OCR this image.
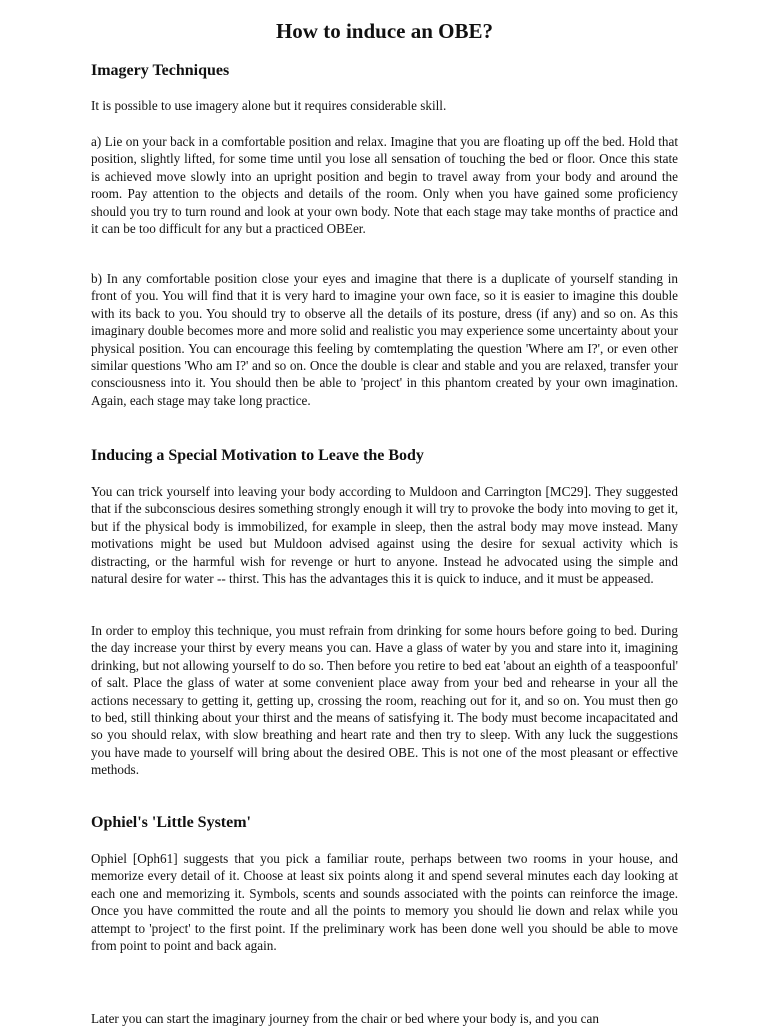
How to induce an OBE?
Imagery Techniques

It is possible to use imagery alone but it requires considerable skill.

a) Lie on your back in a comfortable position and relax. Imagine that you are floating up off the bed. Hold that position, slightly lifted, for some time until you lose all sensation of touching the bed or floor. Once this state is achieved move slowly into an upright position and begin to travel away from your body and around the room. Pay attention to the objects and details of the room. Only when you have gained some proficiency should you try to turn round and look at your own body. Note that each stage may take months of practice and it can be too difficult for any but a practiced OBEer.

b) In any comfortable position close your eyes and imagine that there is a duplicate of yourself standing in front of you. You will find that it is very hard to imagine your own face, so it is easier to imagine this double with its back to you. You should try to observe all the details of its posture, dress (if any) and so on. As this imaginary double becomes more and more solid and realistic you may experience some uncertainty about your physical position. You can encourage this feeling by comtemplating the question 'Where am I?', or even other similar questions 'Who am I?' and so on. Once the double is clear and stable and you are relaxed, transfer your consciousness into it. You should then be able to 'project' in this phantom created by your own imagination. Again, each stage may take long practice.

Inducing a Special Motivation to Leave the Body

You can trick yourself into leaving your body according to Muldoon and Carrington [MC29]. They suggested that if the subconscious desires something strongly enough it will try to provoke the body into moving to get it, but if the physical body is immobilized, for example in sleep, then the astral body may move instead. Many motivations might be used but Muldoon advised against using the desire for sexual activity which is distracting, or the harmful wish for revenge or hurt to anyone. Instead he advocated using the simple and natural desire for water -- thirst. This has the advantages this it is quick to induce, and it must be appeased.

In order to employ this technique, you must refrain from drinking for some hours before going to bed. During the day increase your thirst by every means you can. Have a glass of water by you and stare into it, imagining drinking, but not allowing yourself to do so. Then before you retire to bed eat 'about an eighth of a teaspoonful' of salt. Place the glass of water at some convenient place away from your bed and rehearse in your all the actions necessary to getting it, getting up, crossing the room, reaching out for it, and so on. You must then go to bed, still thinking about your thirst and the means of satisfying it. The body must become incapacitated and so you should relax, with slow breathing and heart rate and then try to sleep. With any luck the suggestions you have made to yourself will bring about the desired OBE. This is not one of the most pleasant or effective methods.

Ophiel's 'Little System'

Ophiel [Oph61] suggests that you pick a familiar route, perhaps between two rooms in your house, and memorize every detail of it. Choose at least six points along it and spend several minutes each day looking at each one and memorizing it. Symbols, scents and sounds associated with the points can reinforce the image. Once you have committed the route and all the points to memory you should lie down and relax while you attempt to 'project' to the first point. If the preliminary work has been done well you should be able to move from point to point and back again.

Later you can start the imaginary journey from the chair or bed where your body is, and you can
